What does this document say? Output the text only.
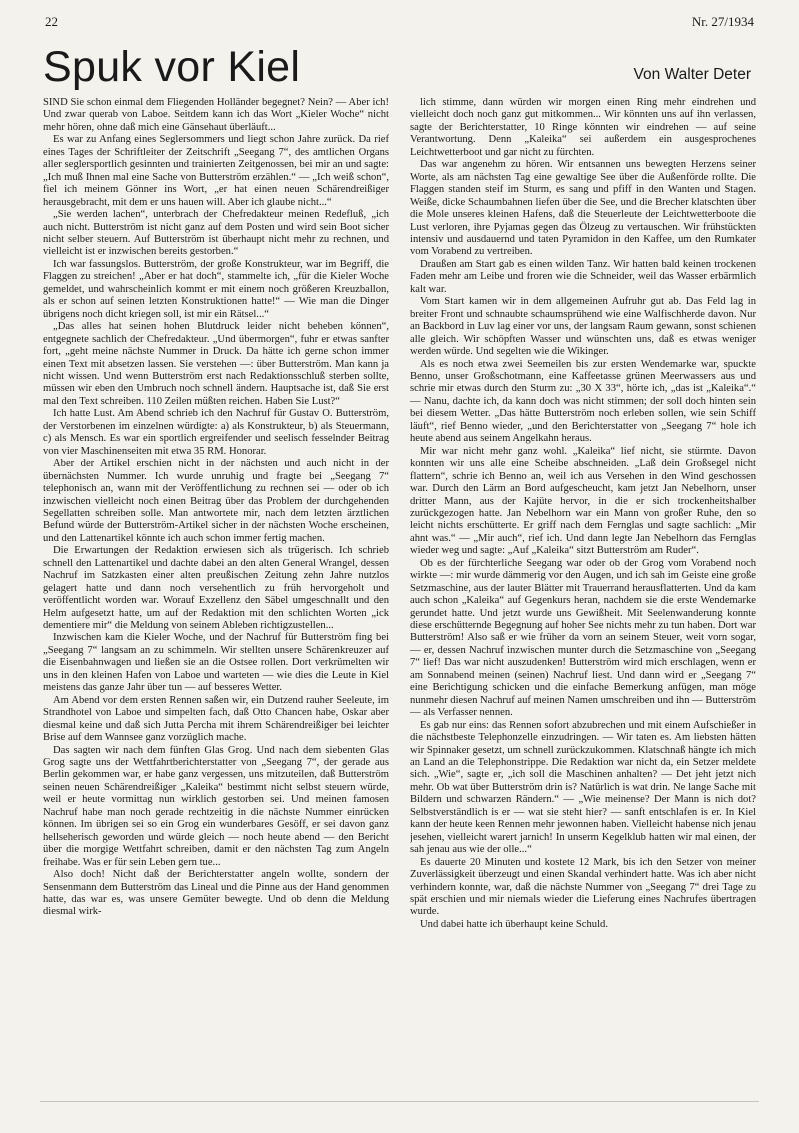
22	Nr. 27/1934
Spuk vor Kiel	Von Walter Deter

SIND Sie schon einmal dem Fliegenden Holländer begegnet? Nein? — Aber ich! Und zwar querab von Laboe. Seitdem kann ich das Wort „Kieler Woche“ nicht mehr hören, ohne daß mich eine Gänsehaut überläuft...

Es war zu Anfang eines Seglersommers und liegt schon Jahre zurück. Da rief eines Tages der Schriftleiter der Zeitschrift „Seegang 7“, des amtlichen Organs aller seglersportlich gesinnten und trainierten Zeitgenossen, bei mir an und sagte: „Ich muß Ihnen mal eine Sache von Butterström erzählen.“ — „Ich weiß schon“, fiel ich meinem Gönner ins Wort, „er hat einen neuen Schärendreißiger herausgebracht, mit dem er uns hauen will. Aber ich glaube nicht...“

„Sie werden lachen“, unterbrach der Chefredakteur meinen Redefluß, „ich auch nicht. Butterström ist nicht ganz auf dem Posten und wird sein Boot sicher nicht selber steuern. Auf Butterström ist überhaupt nicht mehr zu rechnen, und vielleicht ist er inzwischen bereits gestorben.“

Ich war fassungslos. Butterström, der große Konstrukteur, war im Begriff, die Flaggen zu streichen! „Aber er hat doch“, stammelte ich, „für die Kieler Woche gemeldet, und wahrscheinlich kommt er mit einem noch größeren Kreuzballon, als er schon auf seinen letzten Konstruktionen hatte!“ — Wie man die Dinger übrigens noch dicht kriegen soll, ist mir ein Rätsel...“

„Das alles hat seinen hohen Blutdruck leider nicht beheben können“, entgegnete sachlich der Chefredakteur. „Und übermorgen“, fuhr er etwas sanfter fort, „geht meine nächste Nummer in Druck. Da hätte ich gerne schon immer einen Text mit absetzen lassen. Sie verstehen —: über Butterström. Man kann ja nicht wissen. Und wenn Butterström erst nach Redaktionsschluß sterben sollte, müssen wir eben den Umbruch noch schnell ändern. Hauptsache ist, daß Sie erst mal den Text schreiben. 110 Zeilen müßten reichen. Haben Sie Lust?“

Ich hatte Lust. Am Abend schrieb ich den Nachruf für Gustav O. Butterström, der Verstorbenen im einzelnen würdigte: a) als Konstrukteur, b) als Steuermann, c) als Mensch. Es war ein sportlich ergreifender und seelisch fesselnder Beitrag von vier Maschinenseiten mit etwa 35 RM. Honorar.

Aber der Artikel erschien nicht in der nächsten und auch nicht in der übernächsten Nummer. Ich wurde unruhig und fragte bei „Seegang 7“ telephonisch an, wann mit der Veröffentlichung zu rechnen sei — oder ob ich inzwischen vielleicht noch einen Beitrag über das Problem der durchgehenden Segellatten schreiben solle. Man antwortete mir, nach dem letzten ärztlichen Befund würde der Butterström-Artikel sicher in der nächsten Woche erscheinen, und den Lattenartikel könnte ich auch schon immer fertig machen.

Die Erwartungen der Redaktion erwiesen sich als trügerisch. Ich schrieb schnell den Lattenartikel und dachte dabei an den alten General Wrangel, dessen Nachruf im Satzkasten einer alten preußischen Zeitung zehn Jahre nutzlos gelagert hatte und dann noch versehentlich zu früh hervorgeholt und veröffentlicht worden war. Worauf Exzellenz den Säbel umgeschnallt und den Helm aufgesetzt hatte, um auf der Redaktion mit den schlichten Worten „ick dementiere mir“ die Meldung von seinem Ableben richtigzustellen...

Inzwischen kam die Kieler Woche, und der Nachruf für Butterström fing bei „Seegang 7“ langsam an zu schimmeln. Wir stellten unsere Schärenkreuzer auf die Eisenbahnwagen und ließen sie an die Ostsee rollen. Dort verkrümelten wir uns in den kleinen Hafen von Laboe und warteten — wie dies die Leute in Kiel meistens das ganze Jahr über tun — auf besseres Wetter.

Am Abend vor dem ersten Rennen saßen wir, ein Dutzend rauher Seeleute, im Strandhotel von Laboe und simpelten fach, daß Otto Chancen habe, Oskar aber diesmal keine und daß sich Jutta Percha mit ihrem Schärendreißiger bei leichter Brise auf dem Wannsee ganz vorzüglich mache.

Das sagten wir nach dem fünften Glas Grog. Und nach dem siebenten Glas Grog sagte uns der Wettfahrtberichterstatter von „Seegang 7“, der gerade aus Berlin gekommen war, er habe ganz vergessen, uns mitzuteilen, daß Butterström seinen neuen Schärendreißiger „Kaleika“ bestimmt nicht selbst steuern würde, weil er heute vormittag nun wirklich gestorben sei. Und meinen famosen Nachruf habe man noch gerade rechtzeitig in die nächste Nummer einrücken können. Im übrigen sei so ein Grog ein wunderbares Gesöff, er sei davon ganz hellseherisch geworden und würde gleich — noch heute abend — den Bericht über die morgige Wettfahrt schreiben, damit er den nächsten Tag zum Angeln freihabe. Was er für sein Leben gern tue...

Also doch! Nicht daß der Berichterstatter angeln wollte, sondern der Sensenmann dem Butterström das Lineal und die Pinne aus der Hand genommen hatte, das war es, was unsere Gemüter bewegte. Und ob denn die Meldung diesmal wirk-

lich stimme, dann würden wir morgen einen Ring mehr eindrehen und vielleicht doch noch ganz gut mitkommen... Wir könnten uns auf ihn verlassen, sagte der Berichterstatter, 10 Ringe könnten wir eindrehen — auf seine Verantwortung. Denn „Kaleika“ sei außerdem ein ausgesprochenes Leichtwetterboot und gar nicht zu fürchten.

Das war angenehm zu hören. Wir entsannen uns bewegten Herzens seiner Worte, als am nächsten Tag eine gewaltige See über die Außenförde rollte. Die Flaggen standen steif im Sturm, es sang und pfiff in den Wanten und Stagen. Weiße, dicke Schaumbahnen liefen über die See, und die Brecher klatschten über die Mole unseres kleinen Hafens, daß die Steuerleute der Leichtwetterboote die Lust verloren, ihre Pyjamas gegen das Ölzeug zu vertauschen. Wir frühstückten intensiv und ausdauernd und taten Pyramidon in den Kaffee, um den Rumkater vom Vorabend zu vertreiben.

Draußen am Start gab es einen wilden Tanz. Wir hatten bald keinen trockenen Faden mehr am Leibe und froren wie die Schneider, weil das Wasser erbärmlich kalt war.

Vom Start kamen wir in dem allgemeinen Aufruhr gut ab. Das Feld lag in breiter Front und schnaubte schaumsprühend wie eine Walfischherde davon. Nur an Backbord in Luv lag einer vor uns, der langsam Raum gewann, sonst schienen alle gleich. Wir schöpften Wasser und wünschten uns, daß es etwas weniger werden würde. Und segelten wie die Wikinger.

Als es noch etwa zwei Seemeilen bis zur ersten Wendemarke war, spuckte Benno, unser Großschotmann, eine Kaffeetasse grünen Meerwassers aus und schrie mir etwas durch den Sturm zu: „30 X 33“, hörte ich, „das ist „Kaleika“.“ — Nanu, dachte ich, da kann doch was nicht stimmen; der soll doch hinten sein bei diesem Wetter. „Das hätte Butterström noch erleben sollen, wie sein Schiff läuft“, rief Benno wieder, „und den Berichterstatter von „Seegang 7“ hole ich heute abend aus seinem Angelkahn heraus.

Mir war nicht mehr ganz wohl. „Kaleika“ lief nicht, sie stürmte. Davon konnten wir uns alle eine Scheibe abschneiden. „Laß dein Großsegel nicht flattern“, schrie ich Benno an, weil ich aus Versehen in den Wind geschossen war. Durch den Lärm an Bord aufgescheucht, kam jetzt Jan Nebelhorn, unser dritter Mann, aus der Kajüte hervor, in die er sich trockenheitshalber zurückgezogen hatte. Jan Nebelhorn war ein Mann von großer Ruhe, den so leicht nichts erschütterte. Er griff nach dem Fernglas und sagte sachlich: „Mir ahnt was.“ — „Mir auch“, rief ich. Und dann legte Jan Nebelhorn das Fernglas wieder weg und sagte: „Auf „Kaleika“ sitzt Butterström am Ruder“.

Ob es der fürchterliche Seegang war oder ob der Grog vom Vorabend noch wirkte —: mir wurde dämmerig vor den Augen, und ich sah im Geiste eine große Setzmaschine, aus der lauter Blätter mit Trauerrand herausflatterten. Und da kam auch schon „Kaleika“ auf Gegenkurs heran, nachdem sie die erste Wendemarke gerundet hatte. Und jetzt wurde uns Gewißheit. Mit Seelenwanderung konnte diese erschütternde Begegnung auf hoher See nichts mehr zu tun haben. Dort war Butterström! Also saß er wie früher da vorn an seinem Steuer, weit vorn sogar, — er, dessen Nachruf inzwischen munter durch die Setzmaschine von „Seegang 7“ lief! Das war nicht auszudenken! Butterström wird mich erschlagen, wenn er am Sonnabend meinen (seinen) Nachruf liest. Und dann wird er „Seegang 7“ eine Berichtigung schicken und die einfache Bemerkung anfügen, man möge nunmehr diesen Nachruf auf meinen Namen umschreiben und ihn — Butterström — als Verfasser nennen.

Es gab nur eins: das Rennen sofort abzubrechen und mit einem Aufschießer in die nächstbeste Telephonzelle einzudringen. — Wir taten es. Am liebsten hätten wir Spinnaker gesetzt, um schnell zurückzukommen. Klatschnaß hängte ich mich an Land an die Telephonstrippe. Die Redaktion war nicht da, ein Setzer meldete sich. „Wie“, sagte er, „ich soll die Maschinen anhalten? — Det jeht jetzt nich mehr. Ob wat über Butterström drin is? Natürlich is wat drin. Ne lange Sache mit Bildern und schwarzen Rändern.“ — „Wie meinense? Der Mann is nich dot? Selbstverständlich is er — wat sie steht hier? — sanft entschlafen is er. In Kiel kann der heute keen Rennen mehr jewonnen haben. Vielleicht habense nich jenau jesehen, vielleicht warert jarnich! In unserm Kegelklub hatten wir mal einen, der sah jenau aus wie der olle...“

Es dauerte 20 Minuten und kostete 12 Mark, bis ich den Setzer von meiner Zuverlässigkeit überzeugt und einen Skandal verhindert hatte. Was ich aber nicht verhindern konnte, war, daß die nächste Nummer von „Seegang 7“ drei Tage zu spät erschien und mir niemals wieder die Lieferung eines Nachrufes übertragen wurde.

Und dabei hatte ich überhaupt keine Schuld.
